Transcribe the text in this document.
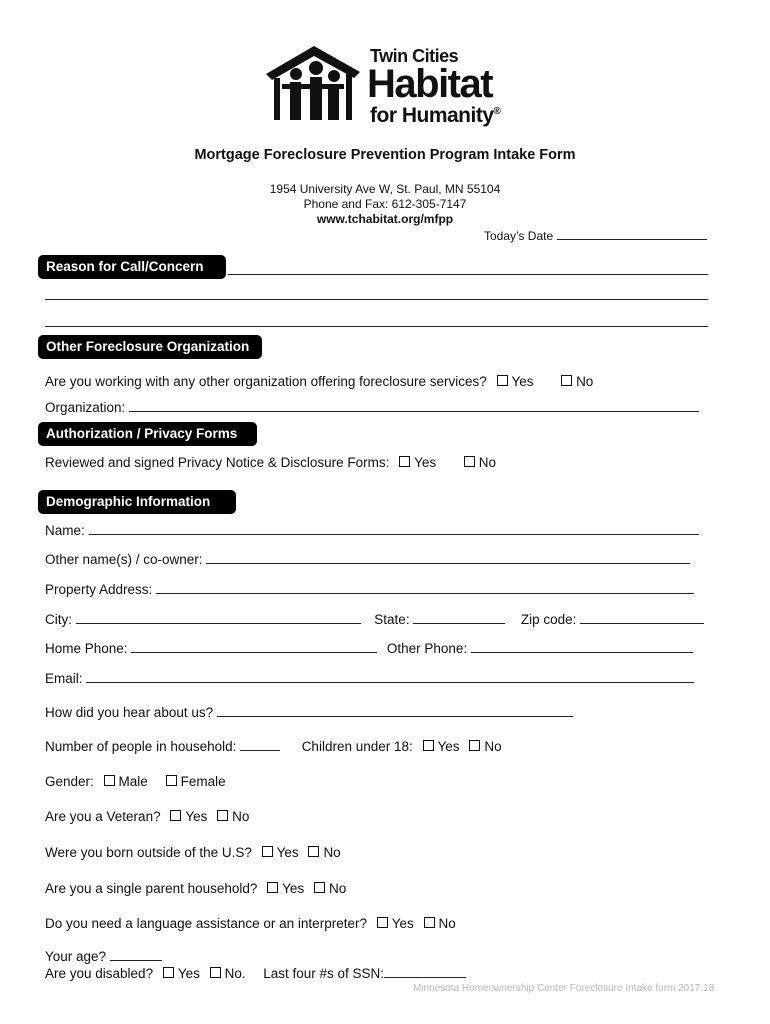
Twin Cities
Habitat
for Humanity®
Mortgage Foreclosure Prevention Program Intake Form
1954 University Ave W, St. Paul, MN 55104
Phone and Fax: 612-305-7147
www.tchabitat.org/mfpp
Today’s Date
Reason for Call/Concern
Other Foreclosure Organization
Are you working with any other organization offering foreclosure services? Yes	No
Organization:
Authorization / Privacy Forms
Reviewed and signed Privacy Notice & Disclosure Forms: Yes	No
Demographic Information
Name:
Other name(s) / co-owner:
Property Address:
City:	State:	Zip code:
Home Phone:	Other Phone:
Email:
How did you hear about us?
Number of people in household:	Children under 18: Yes No
Gender: Male Female
Are you a Veteran? Yes No
Were you born outside of the U.S? Yes No
Are you a single parent household? Yes No
Do you need a language assistance or an interpreter? Yes No
Your age?
Are you disabled? Yes No. Last four #s of SSN:
Minnesota Homeownership Center Foreclosure Intake form 2017.18
